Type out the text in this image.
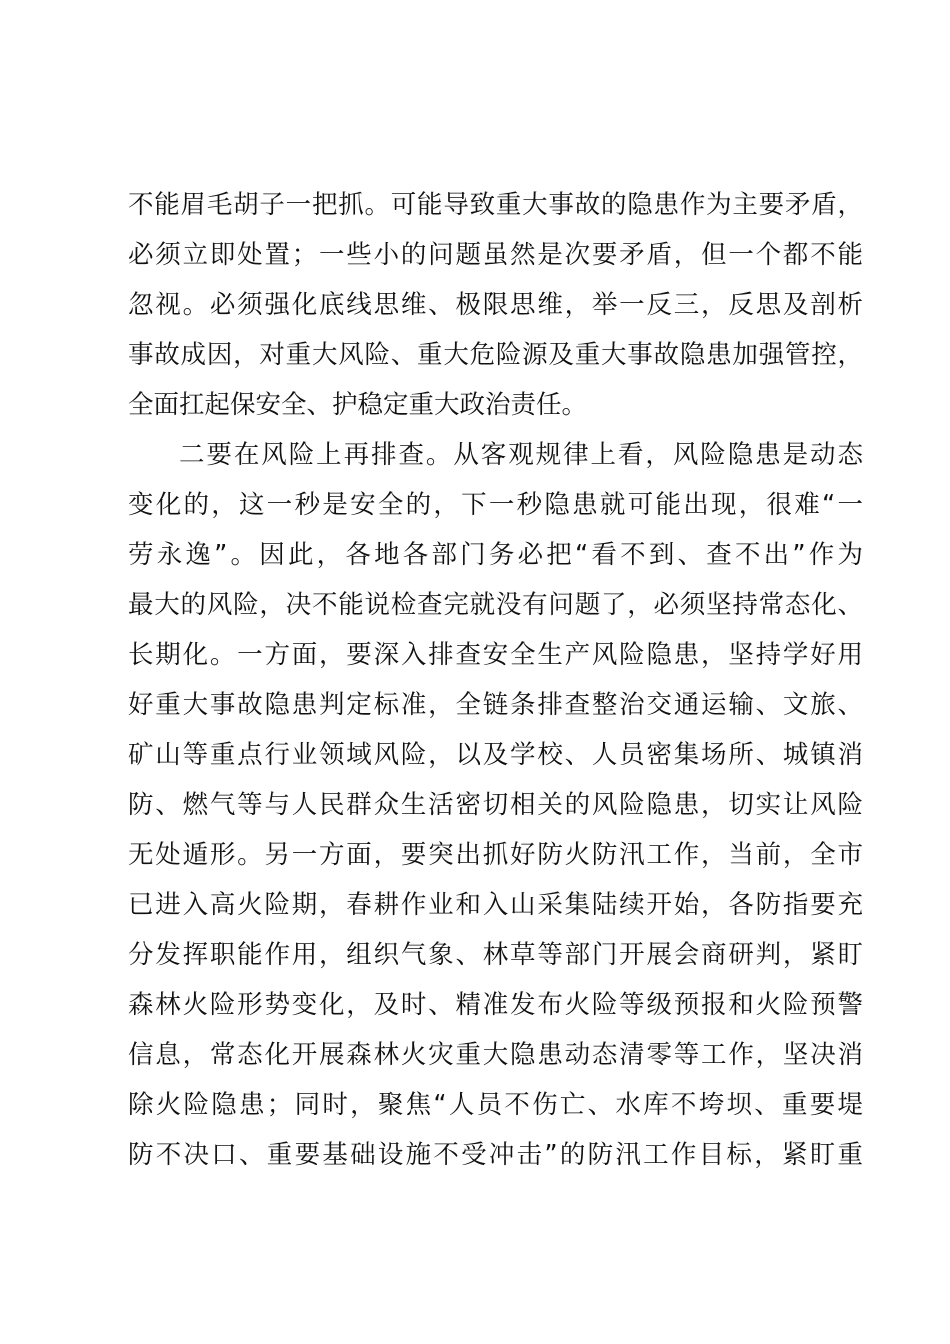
不能眉毛胡子一把抓。可能导致重大事故的隐患作为主要矛盾，
必须立即处置；一些小的问题虽然是次要矛盾，但一个都不能
忽视。必须强化底线思维、极限思维，举一反三，反思及剖析
事故成因，对重大风险、重大危险源及重大事故隐患加强管控，
全面扛起保安全、护稳定重大政治责任。
二要在风险上再排查。从客观规律上看，风险隐患是动态
变化的，这一秒是安全的，下一秒隐患就可能出现，很难“一
劳永逸”。因此，各地各部门务必把“看不到、查不出”作为
最大的风险，决不能说检查完就没有问题了，必须坚持常态化、
长期化。一方面，要深入排查安全生产风险隐患，坚持学好用
好重大事故隐患判定标准，全链条排查整治交通运输、文旅、
矿山等重点行业领域风险，以及学校、人员密集场所、城镇消
防、燃气等与人民群众生活密切相关的风险隐患，切实让风险
无处遁形。另一方面，要突出抓好防火防汛工作，当前，全市
已进入高火险期，春耕作业和入山采集陆续开始，各防指要充
分发挥职能作用，组织气象、林草等部门开展会商研判，紧盯
森林火险形势变化，及时、精准发布火险等级预报和火险预警
信息，常态化开展森林火灾重大隐患动态清零等工作，坚决消
除火险隐患；同时，聚焦“人员不伤亡、水库不垮坝、重要堤
防不决口、重要基础设施不受冲击”的防汛工作目标，紧盯重
